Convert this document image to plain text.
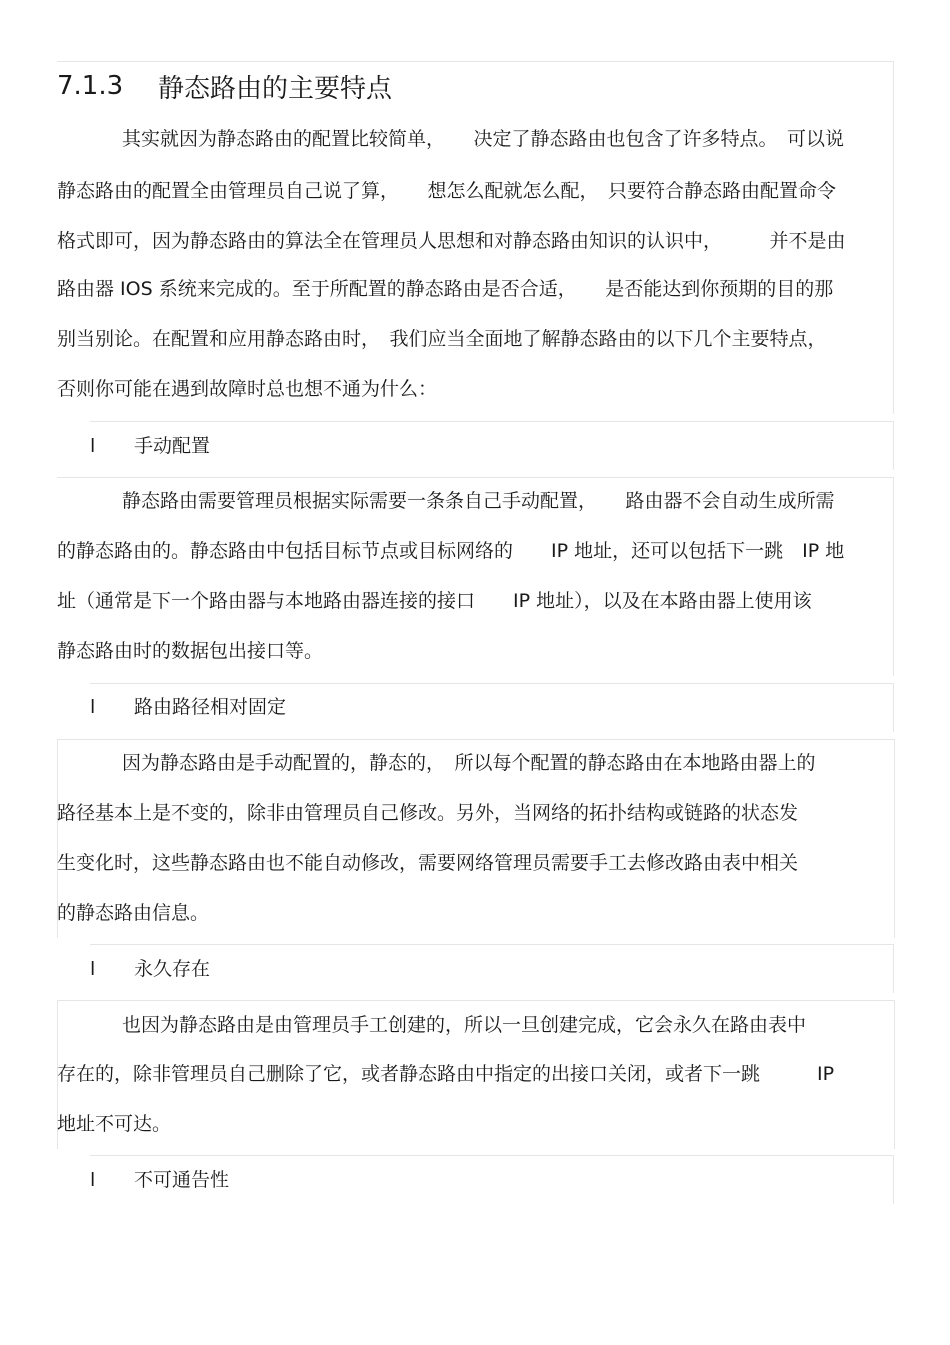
7.1.3	静态路由的主要特点
其实就因为静态路由的配置比较简单，　　决定了静态路由也包含了许多特点。　可以说
静态路由的配置全由管理员自己说了算，　　想怎么配就怎么配，　只要符合静态路由配置命令
格式即可，因为静态路由的算法全在管理员人思想和对静态路由知识的认识中，　　　并不是由
路由器 IOS 系统来完成的。至于所配置的静态路由是否合适，　　是否能达到你预期的目的那
别当别论。在配置和应用静态路由时，　我们应当全面地了解静态路由的以下几个主要特点，
否则你可能在遇到故障时总也想不通为什么：
l 手动配置
静态路由需要管理员根据实际需要一条条自己手动配置，　　路由器不会自动生成所需
的静态路由的。静态路由中包括目标节点或目标网络的　　IP 地址，还可以包括下一跳　IP 地
址（通常是下一个路由器与本地路由器连接的接口　　IP 地址），以及在本路由器上使用该
静态路由时的数据包出接口等。
l 路由路径相对固定
因为静态路由是手动配置的，静态的，　所以每个配置的静态路由在本地路由器上的
路径基本上是不变的，除非由管理员自己修改。另外，当网络的拓扑结构或链路的状态发
生变化时，这些静态路由也不能自动修改，需要网络管理员需要手工去修改路由表中相关
的静态路由信息。
l 永久存在
也因为静态路由是由管理员手工创建的，所以一旦创建完成，它会永久在路由表中
存在的，除非管理员自己删除了它，或者静态路由中指定的出接口关闭，或者下一跳　　　IP
地址不可达。
l 不可通告性
